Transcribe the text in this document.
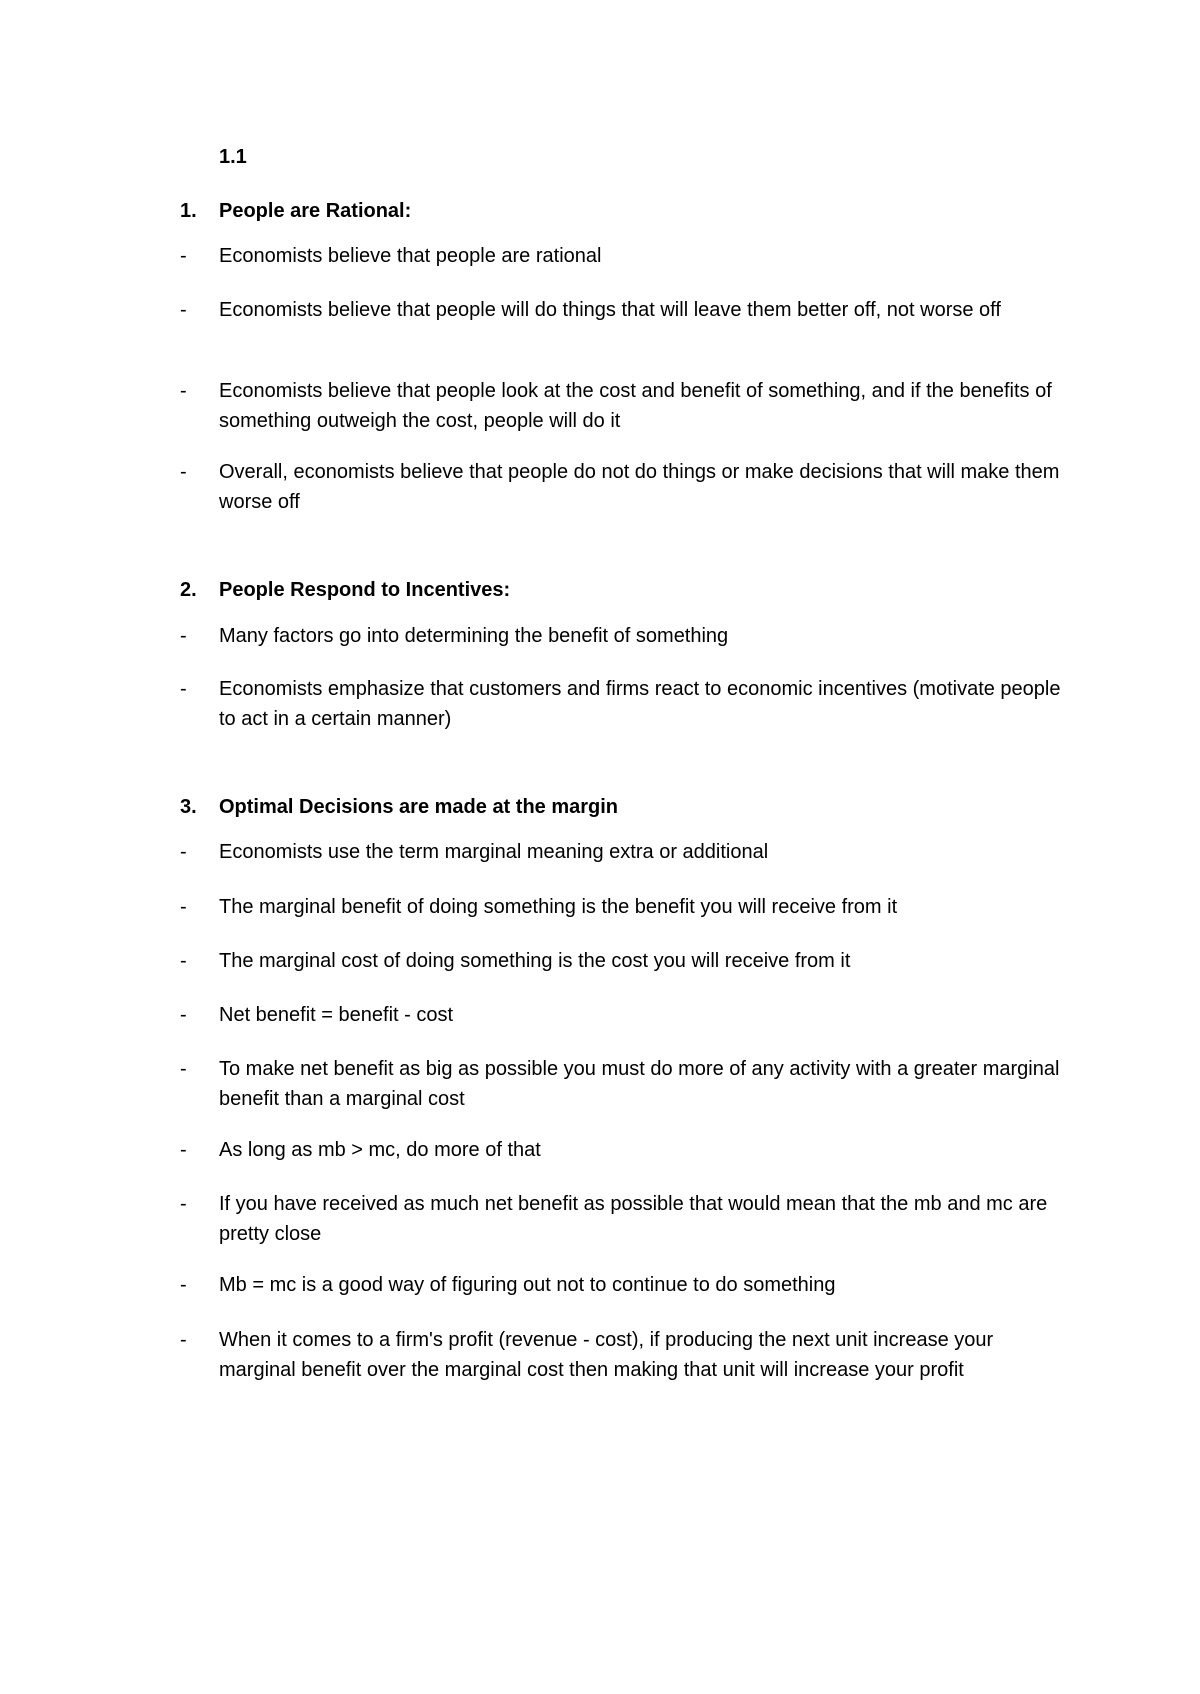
1.1
1. People are Rational:
-	Economists believe that people are rational
-	Economists believe that people will do things that will leave them better off, not worse off
-	Economists believe that people look at the cost and benefit of something, and if the benefits of something outweigh the cost, people will do it
-	Overall, economists believe that people do not do things or make decisions that will make them worse off
2. People Respond to Incentives:
-	Many factors go into determining the benefit of something
-	Economists emphasize that customers and firms react to economic incentives (motivate people to act in a certain manner)
3. Optimal Decisions are made at the margin
-	Economists use the term marginal meaning extra or additional
-	The marginal benefit of doing something is the benefit you will receive from it
-	The marginal cost of doing something is the cost you will receive from it
-	Net benefit = benefit - cost
-	To make net benefit as big as possible you must do more of any activity with a greater marginal benefit than a marginal cost
-	As long as mb > mc, do more of that
-	If you have received as much net benefit as possible that would mean that the mb and mc are pretty close
-	Mb = mc is a good way of figuring out not to continue to do something
-	When it comes to a firm's profit (revenue - cost), if producing the next unit increase your marginal benefit over the marginal cost then making that unit will increase your profit
